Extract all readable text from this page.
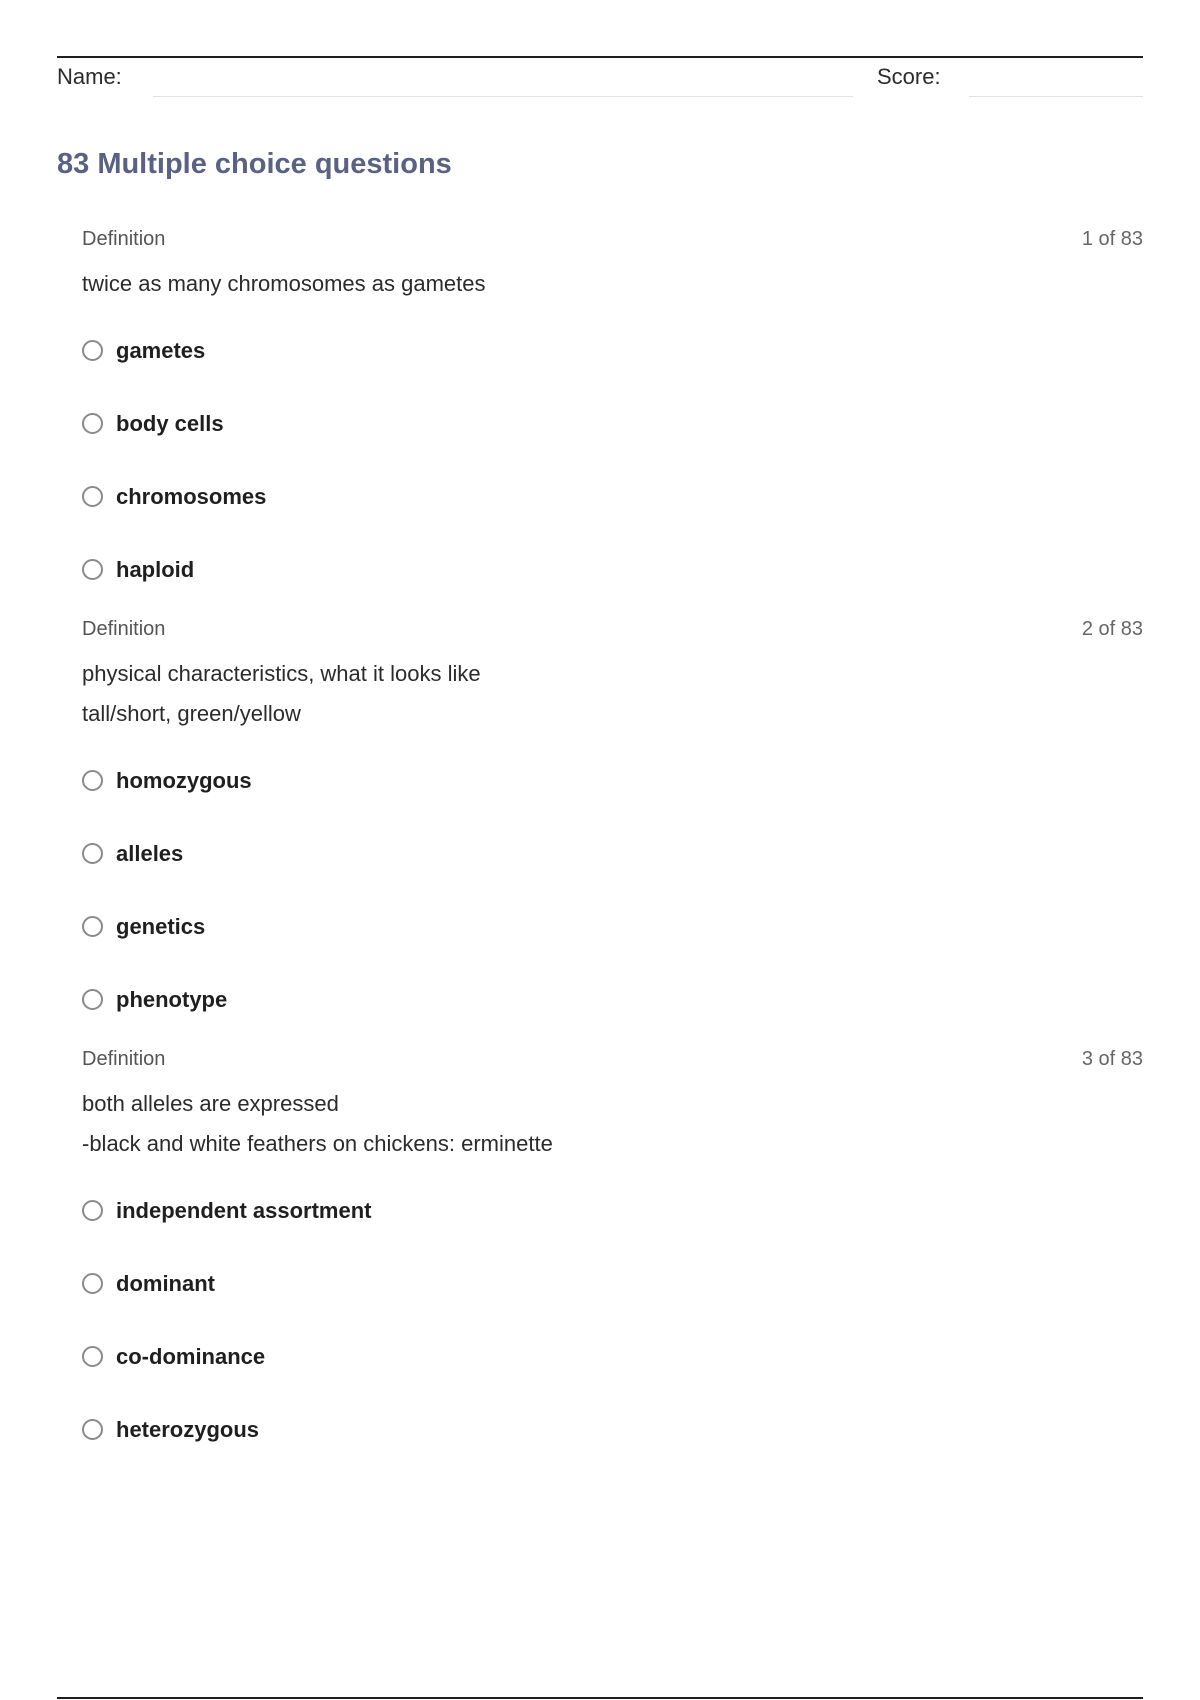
Name:	Score:
83 Multiple choice questions
Definition	1 of 83
twice as many chromosomes as gametes
gametes
body cells
chromosomes
haploid
Definition	2 of 83
physical characteristics, what it looks like
tall/short, green/yellow
homozygous
alleles
genetics
phenotype
Definition	3 of 83
both alleles are expressed
-black and white feathers on chickens: erminette
independent assortment
dominant
co-dominance
heterozygous
